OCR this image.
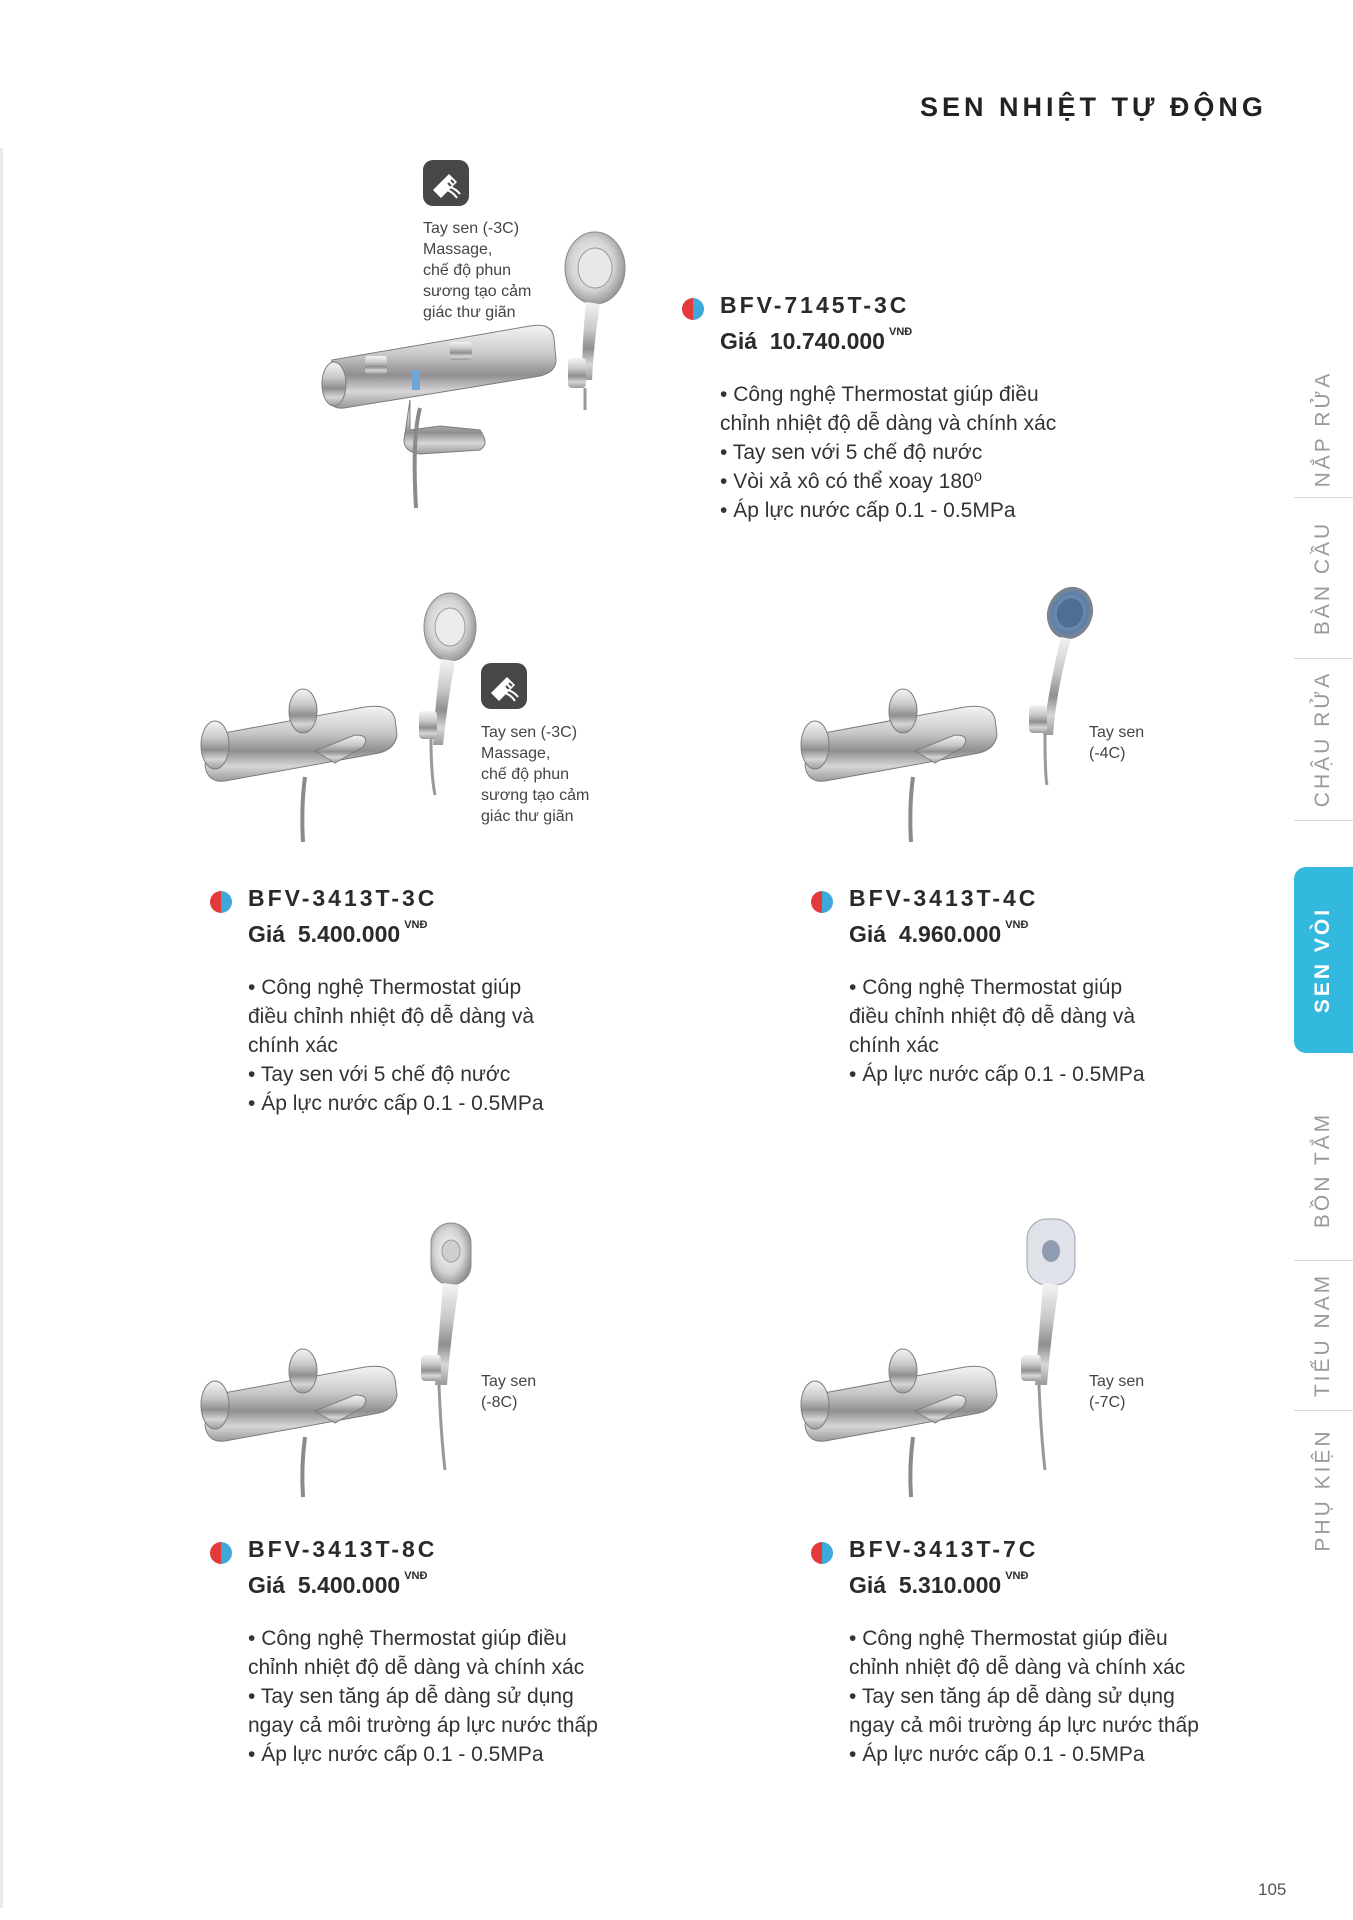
SEN NHIỆT TỰ ĐỘNG
NẮP RỬA
BÀN CẦU
CHẬU RỬA
SEN VÒI
BỒN TẮM
TIỂU NAM
PHỤ KIỆN
Tay sen (-3C)
Massage,
chế độ phun
sương tạo cảm
giác thư giãn	BFV-7145T-3C
Giá 10.740.000 $^{VNĐ}$
• Công nghệ Thermostat giúp điều
chỉnh nhiệt độ dễ dàng và chính xác
• Tay sen với 5 chế độ nước
• Vòi xả xô có thể xoay 180⁰
• Áp lực nước cấp 0.1 - 0.5MPa
Tay sen (-3C)
Massage,
chế độ phun
sương tạo cảm
giác thư giãn
BFV-3413T-3C
Giá 5.400.000 $^{VNĐ}$
• Công nghệ Thermostat giúp
điều chỉnh nhiệt độ dễ dàng và
chính xác
• Tay sen với 5 chế độ nước
• Áp lực nước cấp 0.1 - 0.5MPa
Tay sen
(-4C)
BFV-3413T-4C
Giá 4.960.000 $^{VNĐ}$
• Công nghệ Thermostat giúp
điều chỉnh nhiệt độ dễ dàng và
chính xác
• Áp lực nước cấp 0.1 - 0.5MPa
Tay sen
(-8C)
BFV-3413T-8C
Giá 5.400.000 $^{VNĐ}$
• Công nghệ Thermostat giúp điều
chỉnh nhiệt độ dễ dàng và chính xác
• Tay sen tăng áp dễ dàng sử dụng
ngay cả môi trường áp lực nước thấp
• Áp lực nước cấp 0.1 - 0.5MPa
Tay sen
(-7C)
BFV-3413T-7C
Giá 5.310.000 $^{VNĐ}$
• Công nghệ Thermostat giúp điều
chỉnh nhiệt độ dễ dàng và chính xác
• Tay sen tăng áp dễ dàng sử dụng
ngay cả môi trường áp lực nước thấp
• Áp lực nước cấp 0.1 - 0.5MPa
105
